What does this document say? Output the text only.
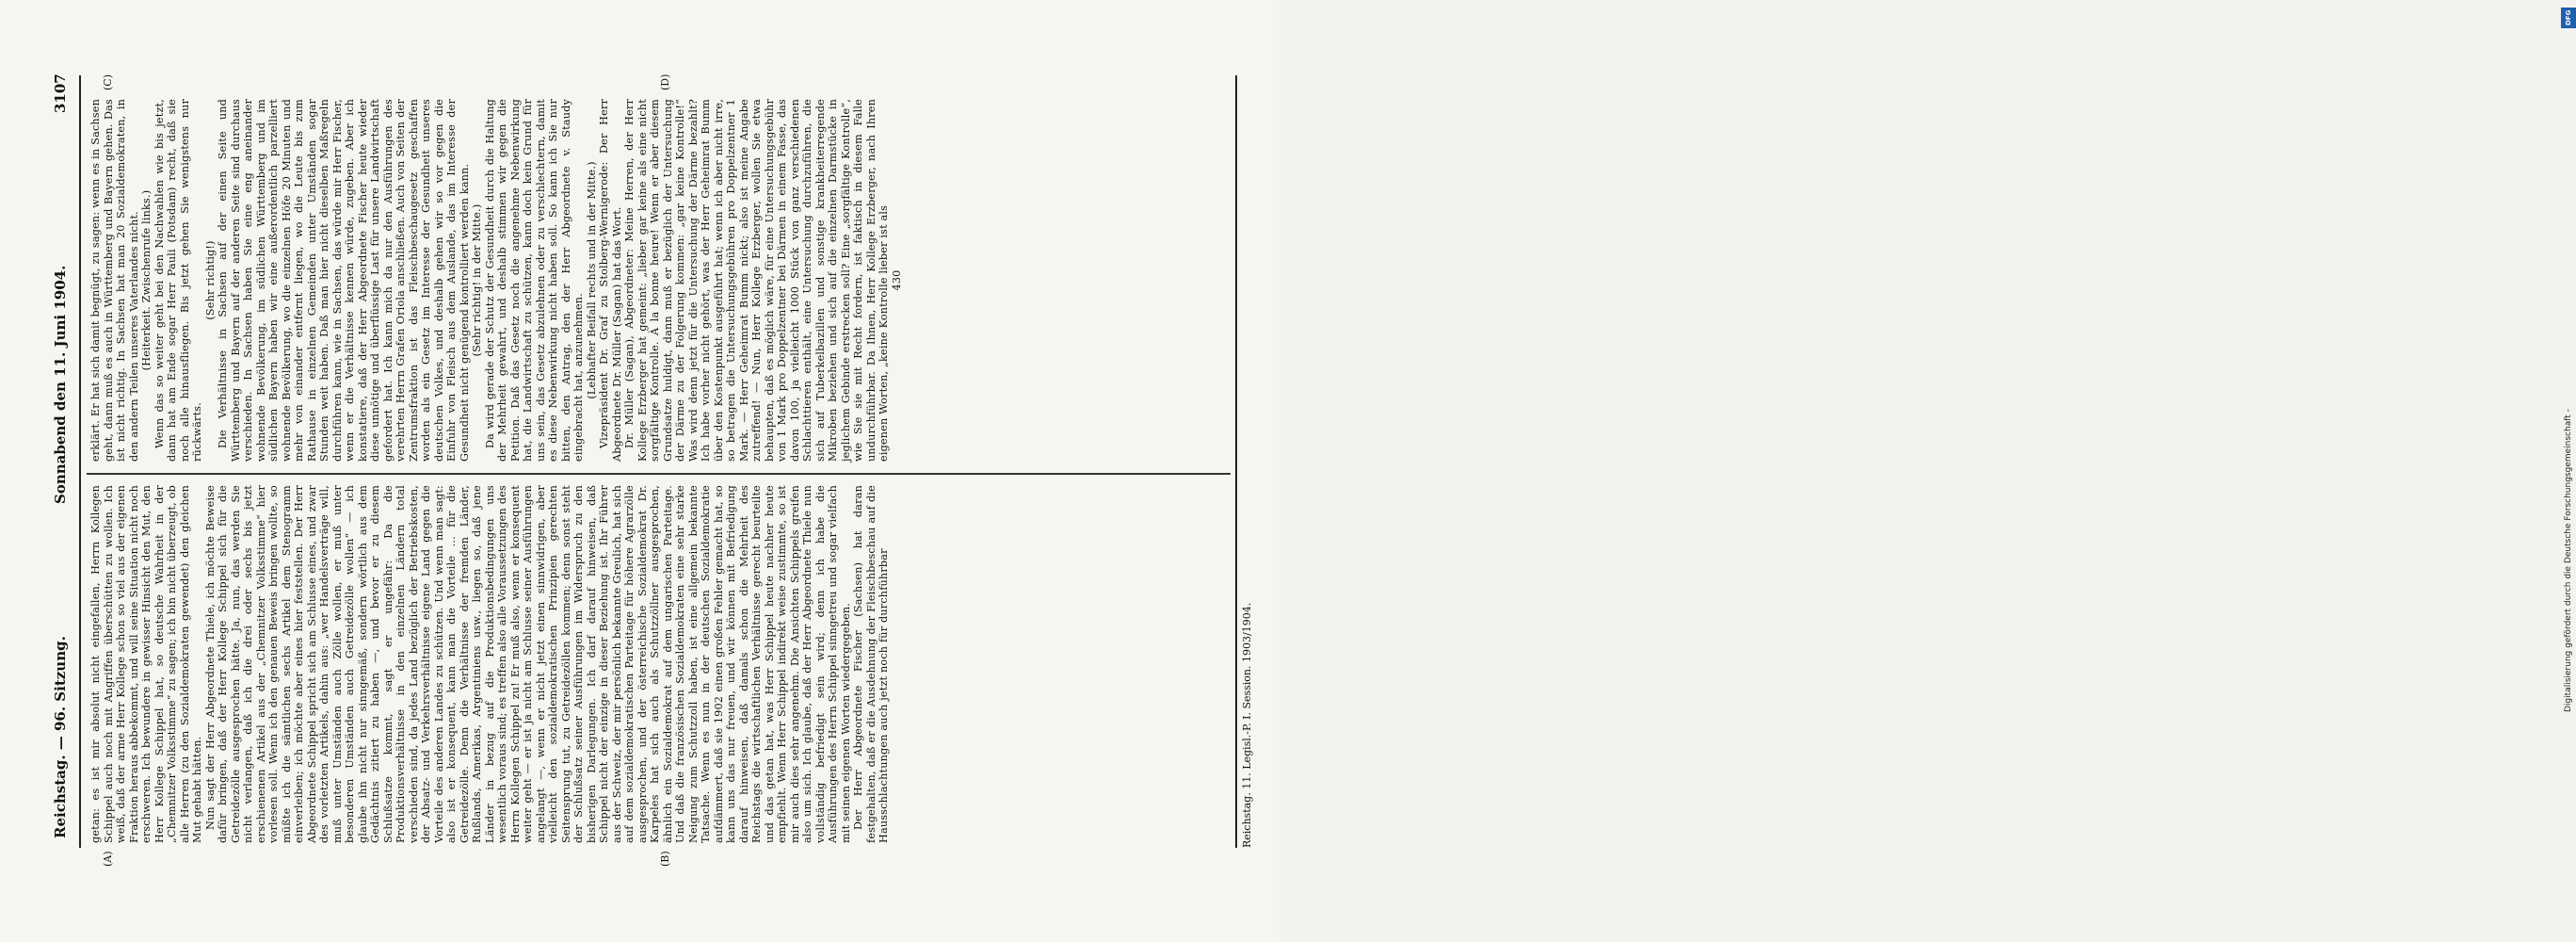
Reichstag. — 96. Sitzung.
Sonnabend den 11. Juni 1904.
3107
(A)	(B)
(C)	(D)

getan: es ist mir absolut nicht eingefallen, Herrn Kollegen Schippel auch noch mit Angriffen überschütten zu wollen. Ich weiß, daß der arme Herr Kollege schon so viel aus der eigenen Fraktion heraus abbekommt, und will seine Situation nicht noch erschweren. Ich bewundere in gewisser Hinsicht den Mut, den Herr Kollege Schippel hat, so deutsche Wahrheit in der „Chemnitzer Volksstimme“ zu sagen; ich bin nicht überzeugt, ob alle Herren (zu den Sozialdemokraten gewendet) den gleichen Mut gehabt hätten. Nun sagt der Herr Abgeordnete Thiele, ich möchte Beweise dafür bringen, daß der Herr Kollege Schippel sich für die Getreidezölle ausgesprochen hätte. Ja, nun, das werden Sie nicht verlangen, daß ich die drei oder sechs bis jetzt erschienenen Artikel aus der „Chemnitzer Volksstimme“ hier vorlesen soll. Wenn ich den genauen Beweis bringen wollte, so müßte ich die sämtlichen sechs Artikel dem Stenogramm einverleiben; ich möchte aber eines hier feststellen. Der Herr Abgeordnete Schippel spricht sich am Schlusse eines, und zwar des vorletzten Artikels, dahin aus: „wer Handelsverträge will, muß unter Umständen auch Zölle wollen, er muß unter besonderen Umständen auch Getreidezölle wollen“ — ich glaube ihn nicht nur sinngemäß, sondern wörtlich aus dem Gedächtnis zitiert zu haben —, und bevor er zu diesem Schlußsatze kommt, sagt er ungefähr: Da die Produktionsverhältnisse in den einzelnen Ländern total verschieden sind, da jedes Land bezüglich der Betriebskosten, der Absatz- und Verkehrsverhältnisse eigene Land gegen die Vorteile des anderen Landes zu schützen. Und wenn man sagt: also ist er konsequent, kann man die Vorteile ... für die Getreidezölle. Denn die Verhältnisse der fremden Länder, Rußlands, Amerikas, Argentiniens usw., liegen so, daß jene Länder in bezug auf die Produktionsbedingungen uns wesentlich voraus sind; es treffen also alle Voraussetzungen des Herrn Kollegen Schippel zu! Er muß also, wenn er konsequent weiter geht — er ist ja nicht am Schlusse seiner Ausführungen angelangt —, wenn er nicht jetzt einen sinnwidrigen, aber vielleicht den sozialdemokratischen Prinzipien gerechten Seitensprung tut, zu Getreidezöllen kommen; denn sonst steht der Schlußsatz seiner Ausführungen im Widerspruch zu den bisherigen Darlegungen. Ich darf darauf hinweisen, daß Schippel nicht der einzige in dieser Beziehung ist. Ihr Führer aus der Schweiz, der mir persönlich bekannte Greulich, hat sich auf dem sozialdemokratischen Parteitage für höhere Agrarzölle ausgesprochen, und der österreichische Sozialdemokrat Dr. Karpeles hat sich auch als Schutzzöllner ausgesprochen, ähnlich ein Sozialdemokrat auf dem ungarischen Parteitage. Und daß die französischen Sozialdemokraten eine sehr starke Neigung zum Schutzzoll haben, ist eine allgemein bekannte Tatsache. Wenn es nun in der deutschen Sozialdemokratie aufdämmert, daß sie 1902 einen großen Fehler gemacht hat, so kann uns das nur freuen, und wir können mit Befriedigung darauf hinweisen, daß damals schon die Mehrheit des Reichstags die wirtschaftlichen Verhältnisse gerecht beurteilte und das getan hat, was Herr Schippel heute nachher heute empfiehlt. Wenn Herr Schippel indirekt weise zustimmte, so ist mir auch dies sehr angenehm. Die Ansichten Schippels greifen also um sich. Ich glaube, daß der Herr Abgeordnete Thiele nun vollständig befriedigt sein wird; denn ich habe die Ausführungen des Herrn Schippel sinngetreu und sogar vielfach mit seinen eigenen Worten wiedergegeben. Der Herr Abgeordnete Fischer (Sachsen) hat daran festgehalten, daß er die Ausdehnung der Fleischbeschau auf die Hausschlachtungen auch jetzt noch für durchführbar

erklärt. Er hat sich damit begnügt, zu sagen: wenn es in Sachsen geht, dann muß es auch in Württemberg und Bayern gehen. Das ist nicht richtig. In Sachsen hat man 20 Sozialdemokraten, in den andern Teilen unseres Vaterlandes nicht. (Heiterkeit. Zwischenrufe links.) Wenn das so weiter geht bei den Nachwahlen wie bis jetzt, dann hat am Ende sogar Herr Pauli (Potsdam) recht, daß sie noch alle hinausfliegen. Bis jetzt gehen Sie wenigstens nur rückwärts.

(Sehr richtig!) Die Verhältnisse in Sachsen auf der einen Seite und Württemberg und Bayern auf der anderen Seite sind durchaus verschieden. In Sachsen haben Sie eine eng aneinander wohnende Bevölkerung, im südlichen Württemberg und im südlichen Bayern haben wir eine außerordentlich parzelliert wohnende Bevölkerung, wo die einzelnen Höfe 20 Minuten und mehr von einander entfernt liegen, wo die Leute bis zum Rathause in einzelnen Gemeinden unter Umständen sogar Stunden weit haben. Daß man hier nicht dieselben Maßregeln durchführen kann, wie in Sachsen, das würde mir Herr Fischer, wenn er die Verhältnisse kennen würde, zugeben. Aber ich konstatiere, daß der Herr Abgeordnete Fischer heute wieder diese unnötige und überflüssige Last für unsere Landwirtschaft gefordert hat. Ich kann mich da nur den Ausführungen des verehrten Herrn Grafen Oriola anschließen. Auch von Seiten der Zentrumsfraktion ist das Fleischbeschaugesetz geschaffen worden als ein Gesetz im Interesse der Gesundheit unseres deutschen Volkes, und deshalb gehen wir so vor gegen die Einfuhr von Fleisch aus dem Auslande, das im Interesse der Gesundheit nicht genügend kontrolliert werden kann. (Sehr richtig! in der Mitte.) Da wird gerade der Schutz der Gesundheit durch die Haltung der Mehrheit gewahrt, und deshalb stimmen wir gegen die Petition. Daß das Gesetz noch die angenehme Nebenwirkung hat, die Landwirtschaft zu schützen, kann doch kein Grund für uns sein, das Gesetz abzulehnen oder zu verschlechtern, damit es diese Nebenwirkung nicht haben soll. So kann ich Sie nur bitten, den Antrag, den der Herr Abgeordnete v. Staudy eingebracht hat, anzunehmen. (Lebhafter Beifall rechts und in der Mitte.) Vizepräsident Dr. Graf zu Stolberg-Wernigerode: Der Herr Abgeordnete Dr. Müller (Sagan) hat das Wort. Dr. Müller (Sagan), Abgeordneter: Meine Herren, der Herr Kollege Erzberger hat gemeint: „lieber gar keine als eine nicht sorgfältige Kontrolle. À la bonne heure! Wenn er aber diesem Grundsatze huldigt, dann muß er bezüglich der Untersuchung der Därme zu der Folgerung kommen: „gar keine Kontrolle!“ Was wird denn jetzt für die Untersuchung der Därme bezahlt? Ich habe vorher nicht gehört, was der Herr Geheimrat Bumm über den Kostenpunkt ausgeführt hat; wenn ich aber nicht irre, so betragen die Untersuchungsgebühren pro Doppelzentner 1 Mark. — Herr Geheimrat Bumm nickt; also ist meine Angabe zutreffend! — Nun, Herr Kollege Erzberger, wollen Sie etwa behaupten, daß es möglich wäre, für eine Untersuchungsgebühr von 1 Mark pro Doppelzentner bei Därmen in einem Fasse, das davon 100, ja vielleicht 1000 Stück von ganz verschiedenen Schlachttieren enthält, eine Untersuchung durchzuführen, die sich auf Tuberkelbazillen und sonstige krankheiterregende Mikroben beziehen und sich auf die einzelnen Darmstücke in jeglichem Gebinde erstrecken soll? Eine „sorgfältige Kontrolle“, wie Sie sie mit Recht fordern, ist faktisch in diesem Falle undurchführbar. Da Ihnen, Herr Kollege Erzberger, nach Ihren eigenen Worten, „keine Kontrolle lieber ist als 430

Reichstag. 11. Legisl.-P. I. Session. 1903/1904.
DFG
Digitalisierung gefördert durch die Deutsche Forschungsgemeinschaft -
